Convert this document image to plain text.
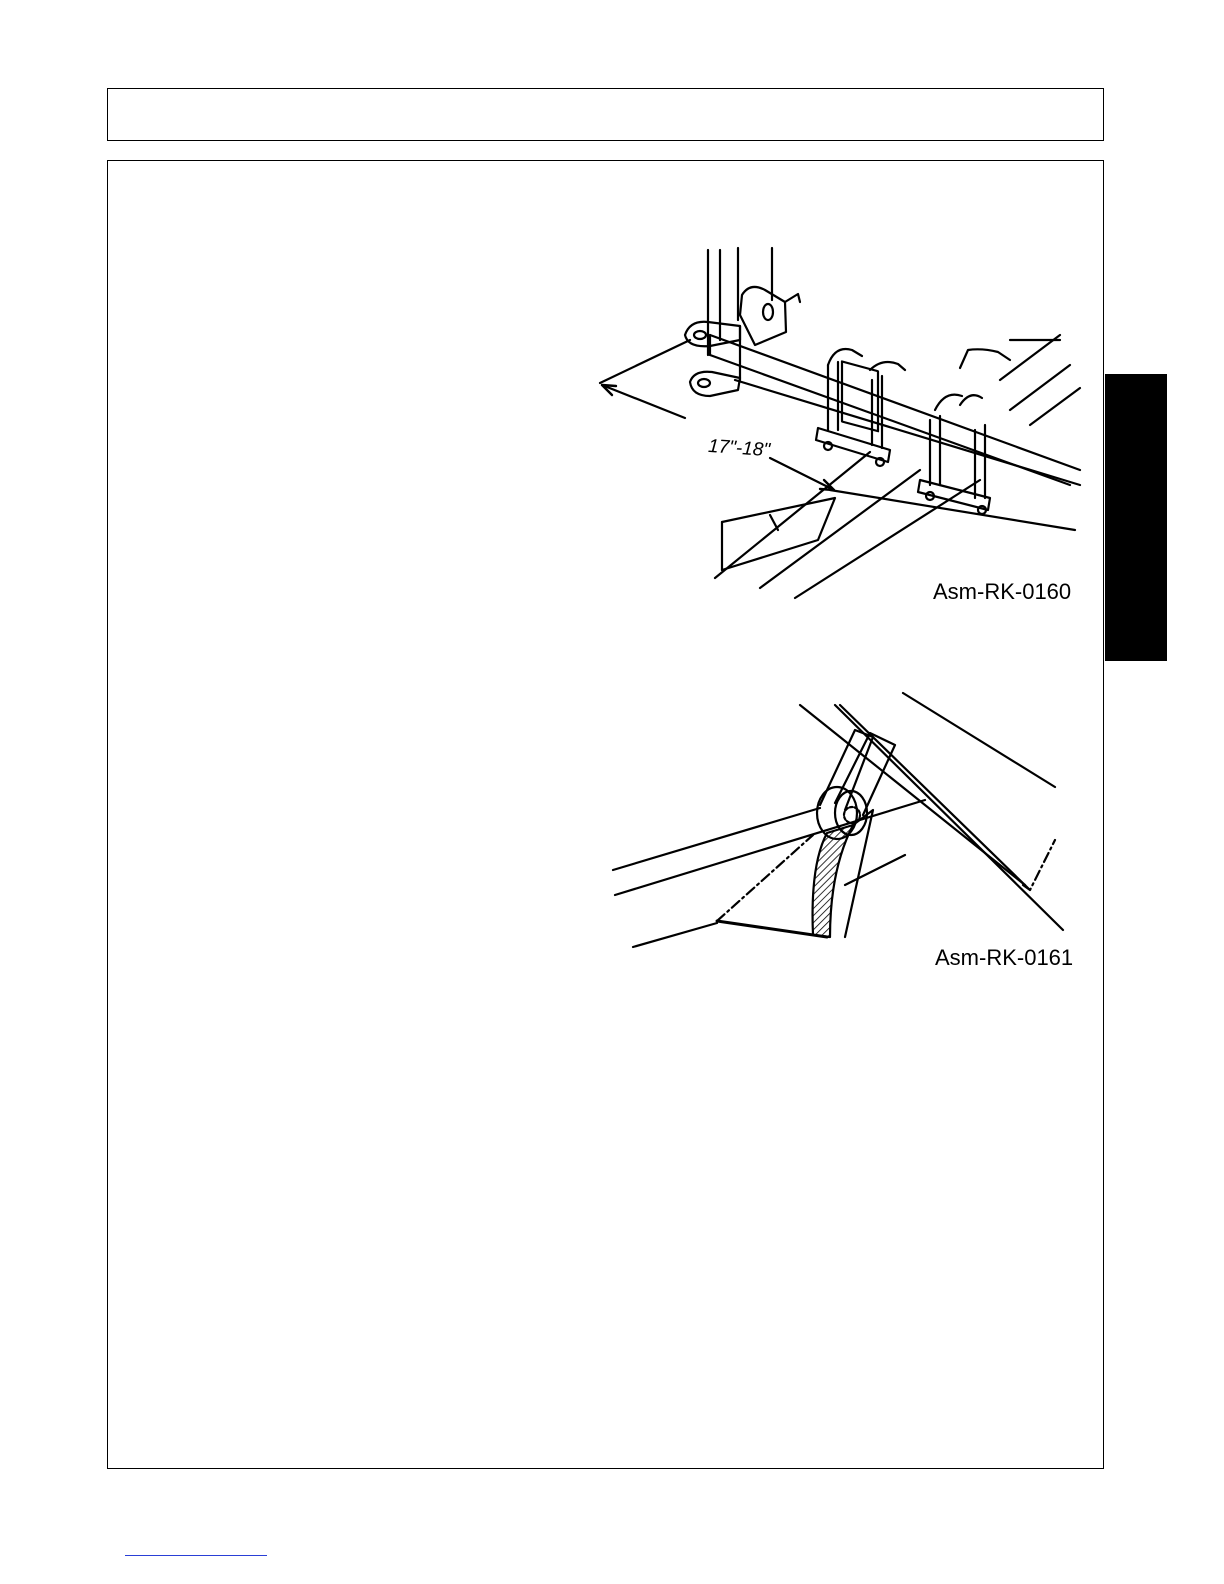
17"-18"
Asm-RK-0160
Asm-RK-0161
